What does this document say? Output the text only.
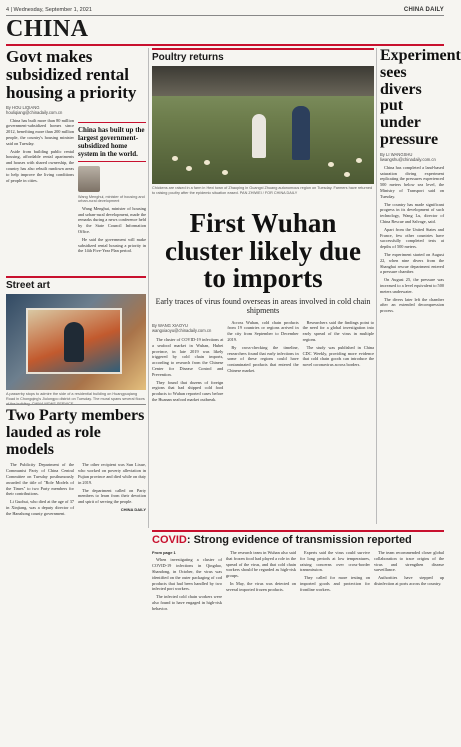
4 | Wednesday, September 1, 2021	CHINA DAILY
CHINA
Govt makes subsidized rental housing a priority
By HOU LIQIANG
houliqiang@chinadaily.com.cn

China has built more than 80 million government-subsidized homes since 2012, benefiting more than 200 million people, the country's housing minister said on Tuesday.

Aside from building public rental housing, affordable rental apartments and houses with shared ownership, the country has also rebuilt rundown areas to help improve the living conditions of people in cities.

China has built up the largest government-subsidized home system in the world.
Wang Menghui, minister of housing and urban-rural development

Wang Menghui, minister of housing and urban-rural development, made the remarks during a news conference held by the State Council Information Office.

He said the government will make subsidized rental housing a priority in the 14th Five-Year Plan period.

Street art
A passerby stops to admire the side of a residential building on Huangpuqiang Road in Chongqing's Jiulongpo district on Tuesday. The mural spans several floors of the building. CHINA NEWS SERVICE
Two Party members lauded as role models

The Publicity Department of the Communist Party of China Central Committee on Tuesday posthumously awarded the title of "Role Models of the Times" to two Party members for their contributions.

Li Guohui, who died at the age of 37 in Xinjiang, was a deputy director of the Hanzhong county government.

The other recipient was Sun Lixue, who worked on poverty alleviation in Fujian province and died while on duty in 2019.

The department called on Party members to learn from their devotion and spirit of serving the people.

CHINA DAILY
Poultry returns
Chickens are raised in a farm in Hexi town of Zhaoping in Guangxi Zhuang autonomous region on Tuesday. Farmers have returned to raising poultry after the epidemic situation eased. PAN ZHIWEI / FOR CHINA DAILY
First Wuhan cluster likely due to imports
Early traces of virus found overseas in areas involved in cold chain shipments
By WANG XIAOYU
wangxiaoyu@chinadaily.com.cn

The cluster of COVID-19 infections at a seafood market in Wuhan, Hubei province, in late 2019 was likely triggered by cold chain imports, according to research from the Chinese Center for Disease Control and Prevention.

They found that dozens of foreign regions that had shipped cold food products to Wuhan reported cases before the Huanan seafood market outbreak.

Across Wuhan, cold chain products from 19 countries or regions arrived in the city from September to December 2019.

By cross-checking the timeline, researchers found that early infections in some of these regions could have contaminated products that entered the Chinese market.

Researchers said the findings point to the need for a global investigation into early spread of the virus in multiple regions.

The study was published in China CDC Weekly, providing more evidence that cold chain goods can introduce the novel coronavirus across borders.

COVID: Strong evidence of transmission reported
From page 1

When investigating a cluster of COVID-19 infections in Qingdao, Shandong, in October, the virus was identified on the outer packaging of cod products that had been handled by two infected port workers.

The infected cold chain workers were also found to have engaged in high-risk behavior.

The research team in Wuhan also said that frozen food had played a role in the spread of the virus, and that cold chain workers should be regarded as high-risk groups.

In May, the virus was detected on several imported frozen products.

Experts said the virus could survive for long periods at low temperatures, raising concerns over cross-border transmission.

They called for more testing on imported goods and protection for frontline workers.

The team recommended closer global collaboration to trace origins of the virus and strengthen disease surveillance.

Authorities have stepped up disinfection at ports across the country.

Experiment sees divers put under pressure
By LI WANGSHU
liwangshu@chinadaily.com.cn

China has completed a land-based saturation diving experiment replicating the pressures experienced 500 meters below sea level, the Ministry of Transport said on Tuesday.

The country has made significant progress in its development of such technology, Wang Lu, director of China Rescue and Salvage, said.

Apart from the United States and France, few other countries have successfully completed tests at depths of 500 meters.

The experiment started on August 22, when nine divers from the Shanghai rescue department entered a pressure chamber.

On August 25, the pressure was increased to a level equivalent to 500 meters underwater.

The divers later left the chamber after an extended decompression process.
